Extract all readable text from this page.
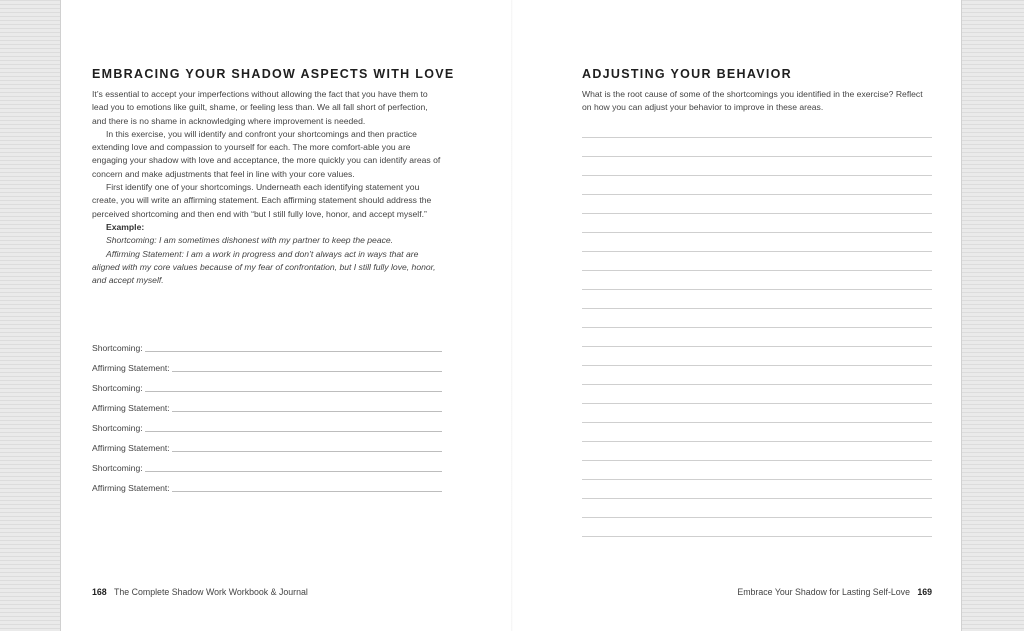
EMBRACING YOUR SHADOW ASPECTS WITH LOVE

It’s essential to accept your imperfections without allowing the fact that you have them to lead you to emotions like guilt, shame, or feeling less than. We all fall short of perfection, and there is no shame in acknowledging where improvement is needed.

In this exercise, you will identify and confront your shortcomings and then practice extending love and compassion to yourself for each. The more comfort-able you are engaging your shadow with love and acceptance, the more quickly you can identify areas of concern and make adjustments that feel in line with your core values.

First identify one of your shortcomings. Underneath each identifying statement you create, you will write an affirming statement. Each affirming statement should address the perceived shortcoming and then end with “but I still fully love, honor, and accept myself.”

Example:

Shortcoming: I am sometimes dishonest with my partner to keep the peace.

Affirming Statement: I am a work in progress and don’t always act in ways that are aligned with my core values because of my fear of confrontation, but I still fully love, honor, and accept myself.

Shortcoming:
Affirming Statement:
Shortcoming:
Affirming Statement:
Shortcoming:
Affirming Statement:
Shortcoming:
Affirming Statement:
168 The Complete Shadow Work Workbook & Journal
ADJUSTING YOUR BEHAVIOR

What is the root cause of some of the shortcomings you identified in the exercise? Reflect on how you can adjust your behavior to improve in these areas.

Embrace Your Shadow for Lasting Self-Love 169
